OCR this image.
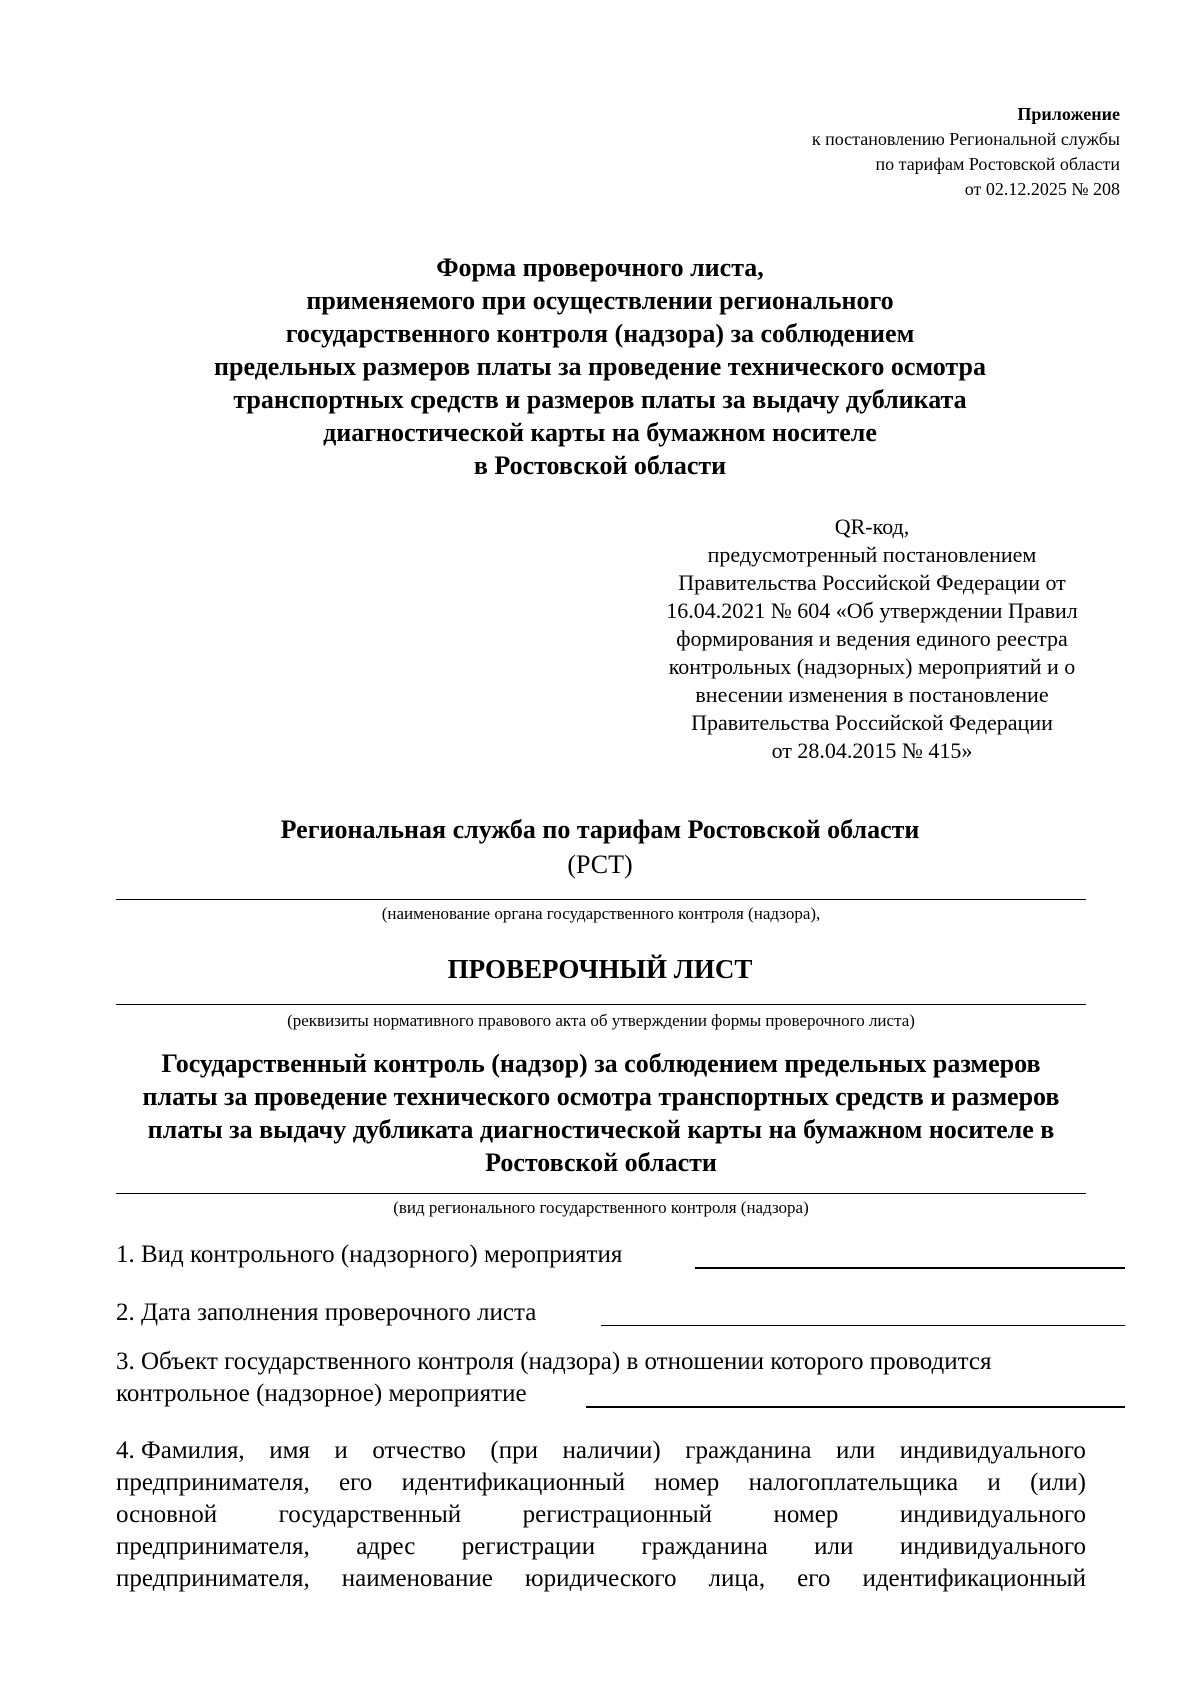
Приложение
к постановлению Региональной службы
по тарифам Ростовской области
от 02.12.2025 № 208
Форма проверочного листа,
применяемого при осуществлении регионального
государственного контроля (надзора) за соблюдением
предельных размеров платы за проведение технического осмотра
транспортных средств и размеров платы за выдачу дубликата
диагностической карты на бумажном носителе
в Ростовской области
QR-код,
предусмотренный постановлением
Правительства Российской Федерации от
16.04.2021 № 604 «Об утверждении Правил
формирования и ведения единого реестра
контрольных (надзорных) мероприятий и о
внесении изменения в постановление
Правительства Российской Федерации
от 28.04.2015 № 415»
Региональная служба по тарифам Ростовской области
(РСТ)
(наименование органа государственного контроля (надзора),
ПРОВЕРОЧНЫЙ ЛИСТ
(реквизиты нормативного правового акта об утверждении формы проверочного листа)
Государственный контроль (надзор) за соблюдением предельных размеров
платы за проведение технического осмотра транспортных средств и размеров
платы за выдачу дубликата диагностической карты на бумажном носителе в
Ростовской области
(вид регионального государственного контроля (надзора)
1. Вид контрольного (надзорного) мероприятия
2. Дата заполнения проверочного листа
3. Объект государственного контроля (надзора) в отношении которого проводится
контрольное (надзорное) мероприятие
4. Фамилия, имя и отчество (при наличии) гражданина или индивидуального
предпринимателя, его идентификационный номер налогоплательщика и (или)
основной государственный регистрационный номер индивидуального
предпринимателя, адрес регистрации гражданина или индивидуального
предпринимателя, наименование юридического лица, его идентификационный
